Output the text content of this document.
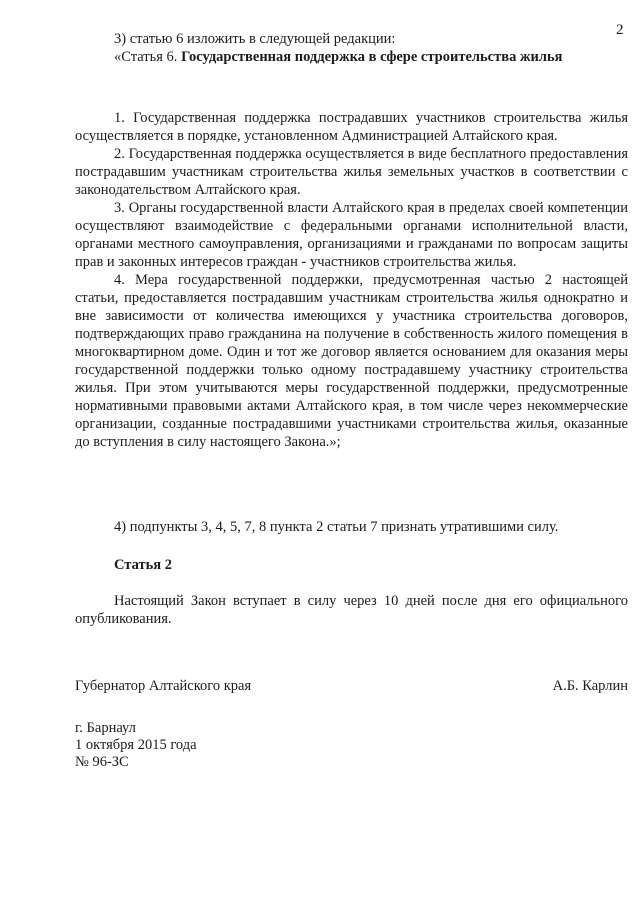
2

3) статью 6 изложить в следующей редакции:

«Статья 6. Государственная поддержка в сфере строительства жилья

1. Государственная поддержка пострадавших участников строительства жилья осуществляется в порядке, установленном Администрацией Алтайского края.

2. Государственная поддержка осуществляется в виде бесплатного предоставления пострадавшим участникам строительства жилья земельных участков в соответствии с законодательством Алтайского края.

3. Органы государственной власти Алтайского края в пределах своей компетенции осуществляют взаимодействие с федеральными органами исполнительной власти, органами местного самоуправления, организациями и гражданами по вопросам защиты прав и законных интересов граждан - участников строительства жилья.

4. Мера государственной поддержки, предусмотренная частью 2 настоящей статьи, предоставляется пострадавшим участникам строительства жилья однократно и вне зависимости от количества имеющихся у участника строительства договоров, подтверждающих право гражданина на получение в собственность жилого помещения в многоквартирном доме. Один и тот же договор является основанием для оказания меры государственной поддержки только одному пострадавшему участнику строительства жилья. При этом учитываются меры государственной поддержки, предусмотренные нормативными правовыми актами Алтайского края, в том числе через некоммерческие организации, созданные пострадавшими участниками строительства жилья, оказанные до вступления в силу настоящего Закона.»;

4) подпункты 3, 4, 5, 7, 8 пункта 2 статьи 7 признать утратившими силу.

Статья 2

Настоящий Закон вступает в силу через 10 дней после дня его официального опубликования.

Губернатор Алтайского края	А.Б. Карлин
г. Барнаул
1 октября 2015 года
№ 96-ЗС
